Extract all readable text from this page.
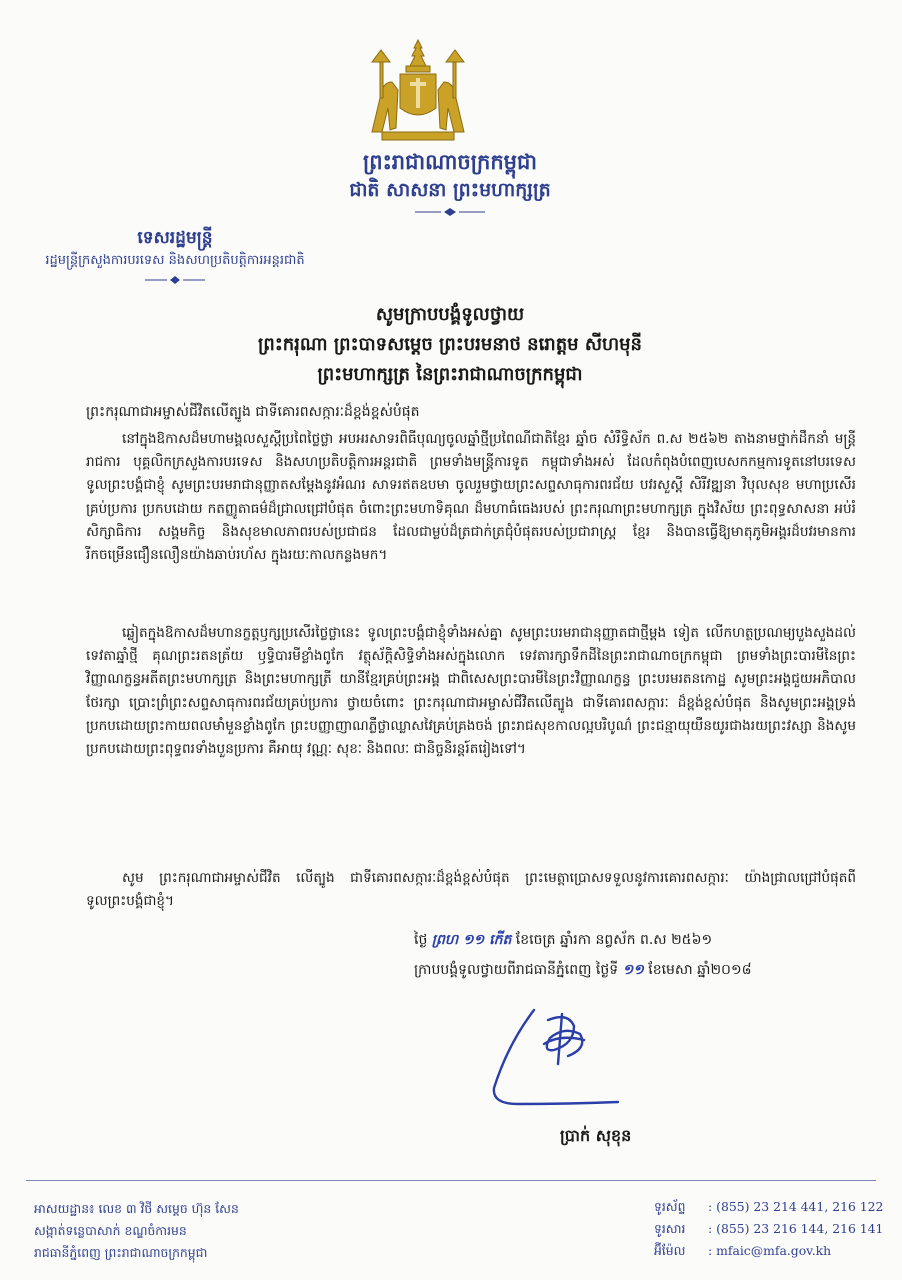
ព្រះរាជាណាចក្រកម្ពុជា
ជាតិ សាសនា ព្រះមហាក្សត្រ
ទេសរដ្ឋមន្ត្រី
រដ្ឋមន្ត្រីក្រសួងការបរទេស និងសហប្រតិបត្តិការអន្តរជាតិ
សូមក្រាបបង្គំទូលថ្វាយ
ព្រះករុណា ព្រះបាទសម្តេច ព្រះបរមនាថ នរោត្តម សីហមុនី
ព្រះមហាក្សត្រ នៃព្រះរាជាណាចក្រកម្ពុជា
ព្រះករុណាជាអម្ចាស់ជីវិតលើត្បូង ជាទីគោរពសក្ការៈដ៏ខ្ពង់ខ្ពស់បំផុត
នៅក្នុងឱកាសដ៏មហាមង្គលសួស្តីប្រពៃថ្លៃថ្លា អបអរសាទរពិធីបុណ្យចូលឆ្នាំថ្មីប្រពៃណីជាតិខ្មែរ ឆ្នាំច សំរឹទ្ធិស័ក ព.ស ២៥៦២ តាងនាមថ្នាក់ដឹកនាំ មន្ត្រីរាជការ បុគ្គលិកក្រសួងការបរទេស និងសហប្រតិបត្តិការអន្តរជាតិ ព្រមទាំងមន្ត្រីការទូត កម្ពុជាទាំងអស់ ដែលកំពុងបំពេញបេសកកម្មការទូតនៅបរទេស ទូលព្រះបង្គំជាខ្ញុំ សូមព្រះបរមរាជានុញ្ញាតសម្តែងនូវអំណរ សាទរឥតឧបមា ចូលរួមថ្វាយព្រះសព្ទសាធុការពរជ័យ បវរសួស្តី សិរីវឌ្ឍនា វិបុលសុខ មហាប្រសើរគ្រប់ប្រការ ប្រកបដោយ កតញ្ញូតាធម៌ដ៏ជ្រាលជ្រៅបំផុត ចំពោះព្រះមហាទិគុណ ដ៏មហាធំធេងរបស់ ព្រះករុណាព្រះមហាក្សត្រ ក្នុងវិស័យ ព្រះពុទ្ធសាសនា អប់រំសិក្សាធិការ សង្គមកិច្ច និងសុខមាលភាពរបស់ប្រជាជន ដែលជាម្លប់ដ៏ត្រជាក់ត្រជុំបំផុតរបស់ប្រជារាស្ត្រ ខ្មែរ និងបានធ្វើឱ្យមាតុភូមិអង្គរដ៏បវរមានការរីកចម្រើនជឿនលឿនយ៉ាងឆាប់រហ័ស ក្នុងរយៈកាលកន្លងមក។
ឆ្លៀតក្នុងឱកាសដ៏មហានក្ខត្តឫក្សប្រសើរថ្លៃថ្លានេះ ទូលព្រះបង្គំជាខ្ញុំទាំងអស់គ្នា សូមព្រះបរមរាជានុញ្ញាតជាថ្មីម្តង ទៀត លើកហត្ថប្រណម្យបួងសួងដល់ទេវតាឆ្នាំថ្មី គុណព្រះរតនត្រ័យ ឫទ្ធិបារមីខ្លាំងពូកែ វត្ថុស័ក្តិសិទ្ធិទាំងអស់ក្នុងលោក ទេវតារក្សាទឹកដីនៃព្រះរាជាណាចក្រកម្ពុជា ព្រមទាំងព្រះបារមីនៃព្រះវិញ្ញាណក្ខន្ធអតីតព្រះមហាក្សត្រ និងព្រះមហាក្សត្រី យានីខ្មែរគ្រប់ព្រះអង្គ ជាពិសេសព្រះបារមីនៃព្រះវិញ្ញាណក្ខន្ធ ព្រះបរមរតនកោដ្ឋ សូមព្រះអង្គជួយអភិបាលថែរក្សា ប្រោះព្រំព្រះសព្ទសាធុការពរជ័យគ្រប់ប្រការ ថ្វាយចំពោះ ព្រះករុណាជាអម្ចាស់ជីវិតលើត្បូង ជាទីគោរពសក្ការៈ ដ៏ខ្ពង់ខ្ពស់បំផុត និងសូមព្រះអង្គទ្រង់ប្រកបដោយព្រះកាយពលមាំមួនខ្លាំងពូកែ ព្រះបញ្ញាញាណភ្លឺថ្លាឈ្លាសវៃគ្រប់គ្រងចង់ ព្រះរាជសុខកាលល្អបរិបូណ៌ ព្រះជន្មាយុយឺនយូរជាងរយព្រះវស្សា និងសូមប្រកបដោយព្រះពុទ្ធពរទាំងបួនប្រការ គឺអាយុ វណ្ណៈ សុខៈ និងពលៈ ជានិច្ចនិរន្តរ៍តរៀងទៅ។
សូម ព្រះករុណាជាអម្ចាស់ជីវិត លើត្បូង ជាទីគោរពសក្ការៈដ៏ខ្ពង់ខ្ពស់បំផុត ព្រះមេត្តាប្រោសទទួលនូវការគោរពសក្ការៈ យ៉ាងជ្រាលជ្រៅបំផុតពីទូលព្រះបង្គំជាខ្ញុំ។
ថ្ងៃ ព្រហ ១១ កើត ខែចេត្រ ឆ្នាំរកា នព្វស័ក ព.ស ២៥៦១
ក្រាបបង្គំទូលថ្វាយពីរាជធានីភ្នំពេញ ថ្ងៃទី ១១ ខែមេសា ឆ្នាំ២០១៨
ប្រាក់ សុខុន
អាសយដ្ឋាន៖ លេខ ៣ វិថី សម្តេច ហ៊ុន សែន
សង្កាត់ទន្លេបាសាក់ ខណ្ឌចំការមន
រាជធានីភ្នំពេញ ព្រះរាជាណាចក្រកម្ពុជា
ទូរស័ព្ទ : (855) 23 214 441, 216 122
ទូរសារ : (855) 23 216 144, 216 141
អ៊ីម៉ែល : mfaic@mfa.gov.kh
